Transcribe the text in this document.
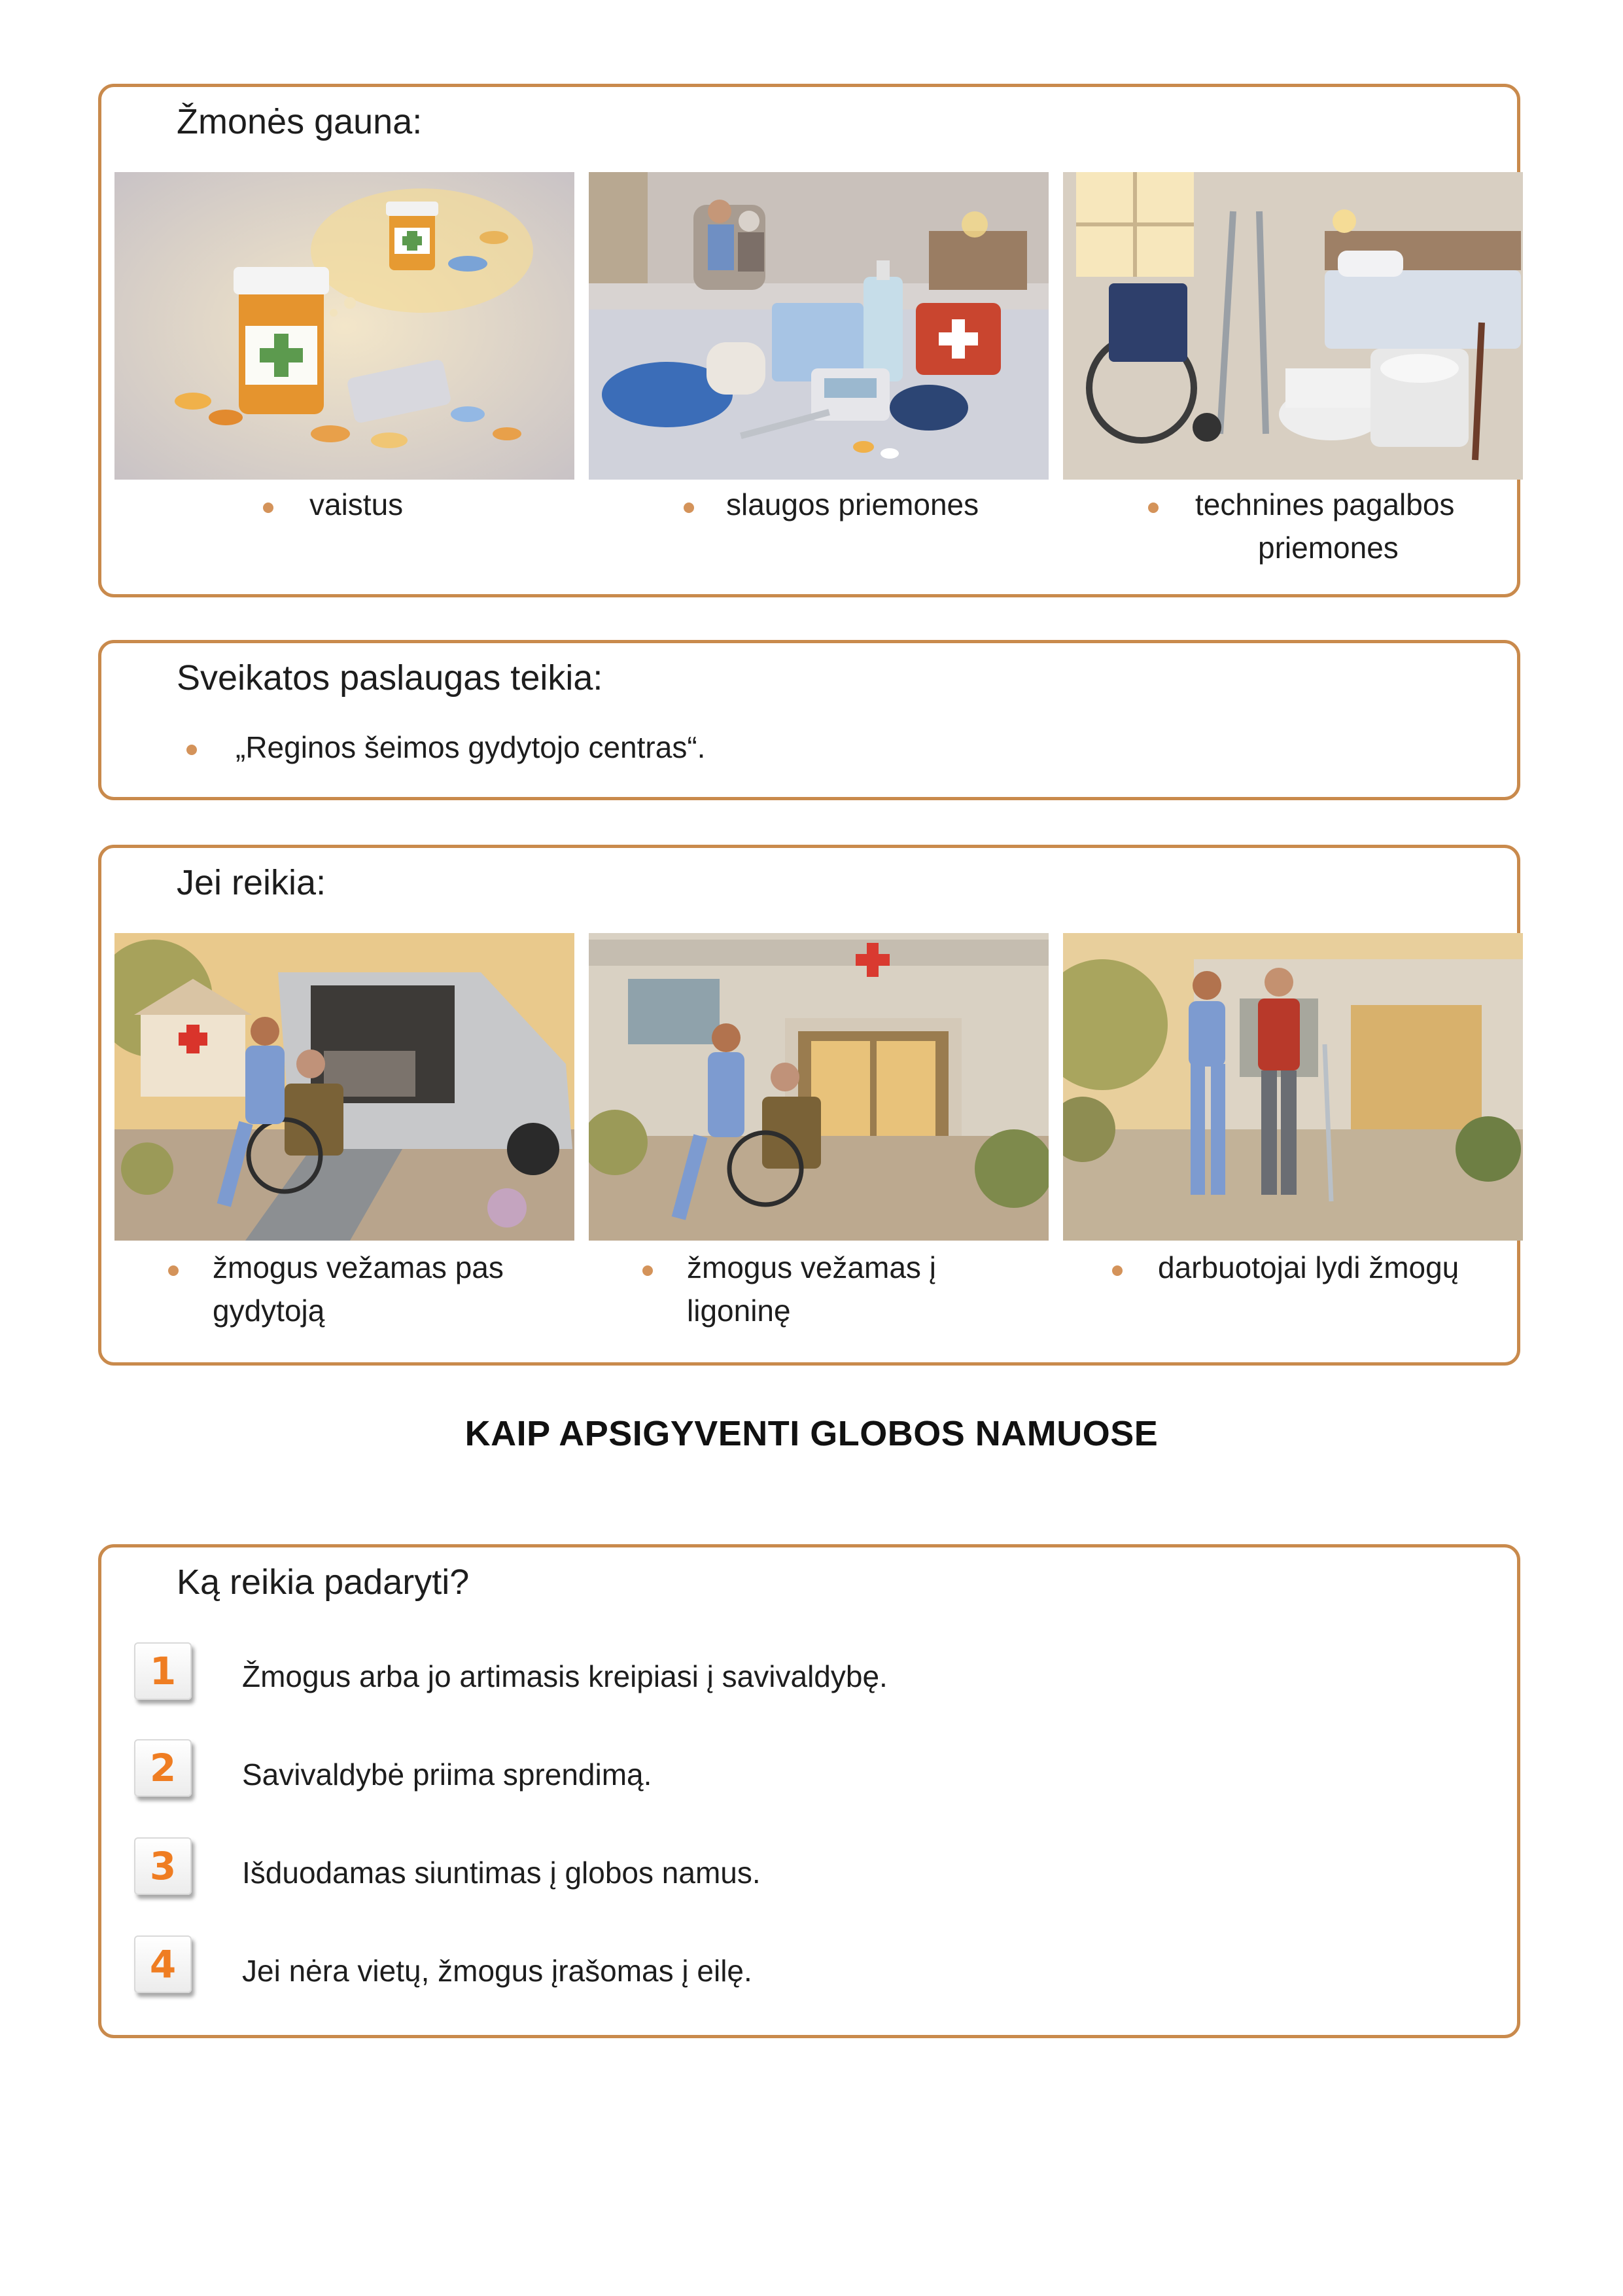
Žmonės gauna:
vaistus	slaugos priemones	technines pagalbos
priemones
Sveikatos paslaugas teikia:
„Reginos šeimos gydytojo centras“.
Jei reikia:
žmogus vežamas pas
gydytoją
žmogus vežamas į
ligoninę
darbuotojai lydi žmogų
KAIP APSIGYVENTI GLOBOS NAMUOSE
Ką reikia padaryti?
1	Žmogus arba jo artimasis kreipiasi į savivaldybę.
2	Savivaldybė priima sprendimą.
3	Išduodamas siuntimas į globos namus.
4	Jei nėra vietų, žmogus įrašomas į eilę.
